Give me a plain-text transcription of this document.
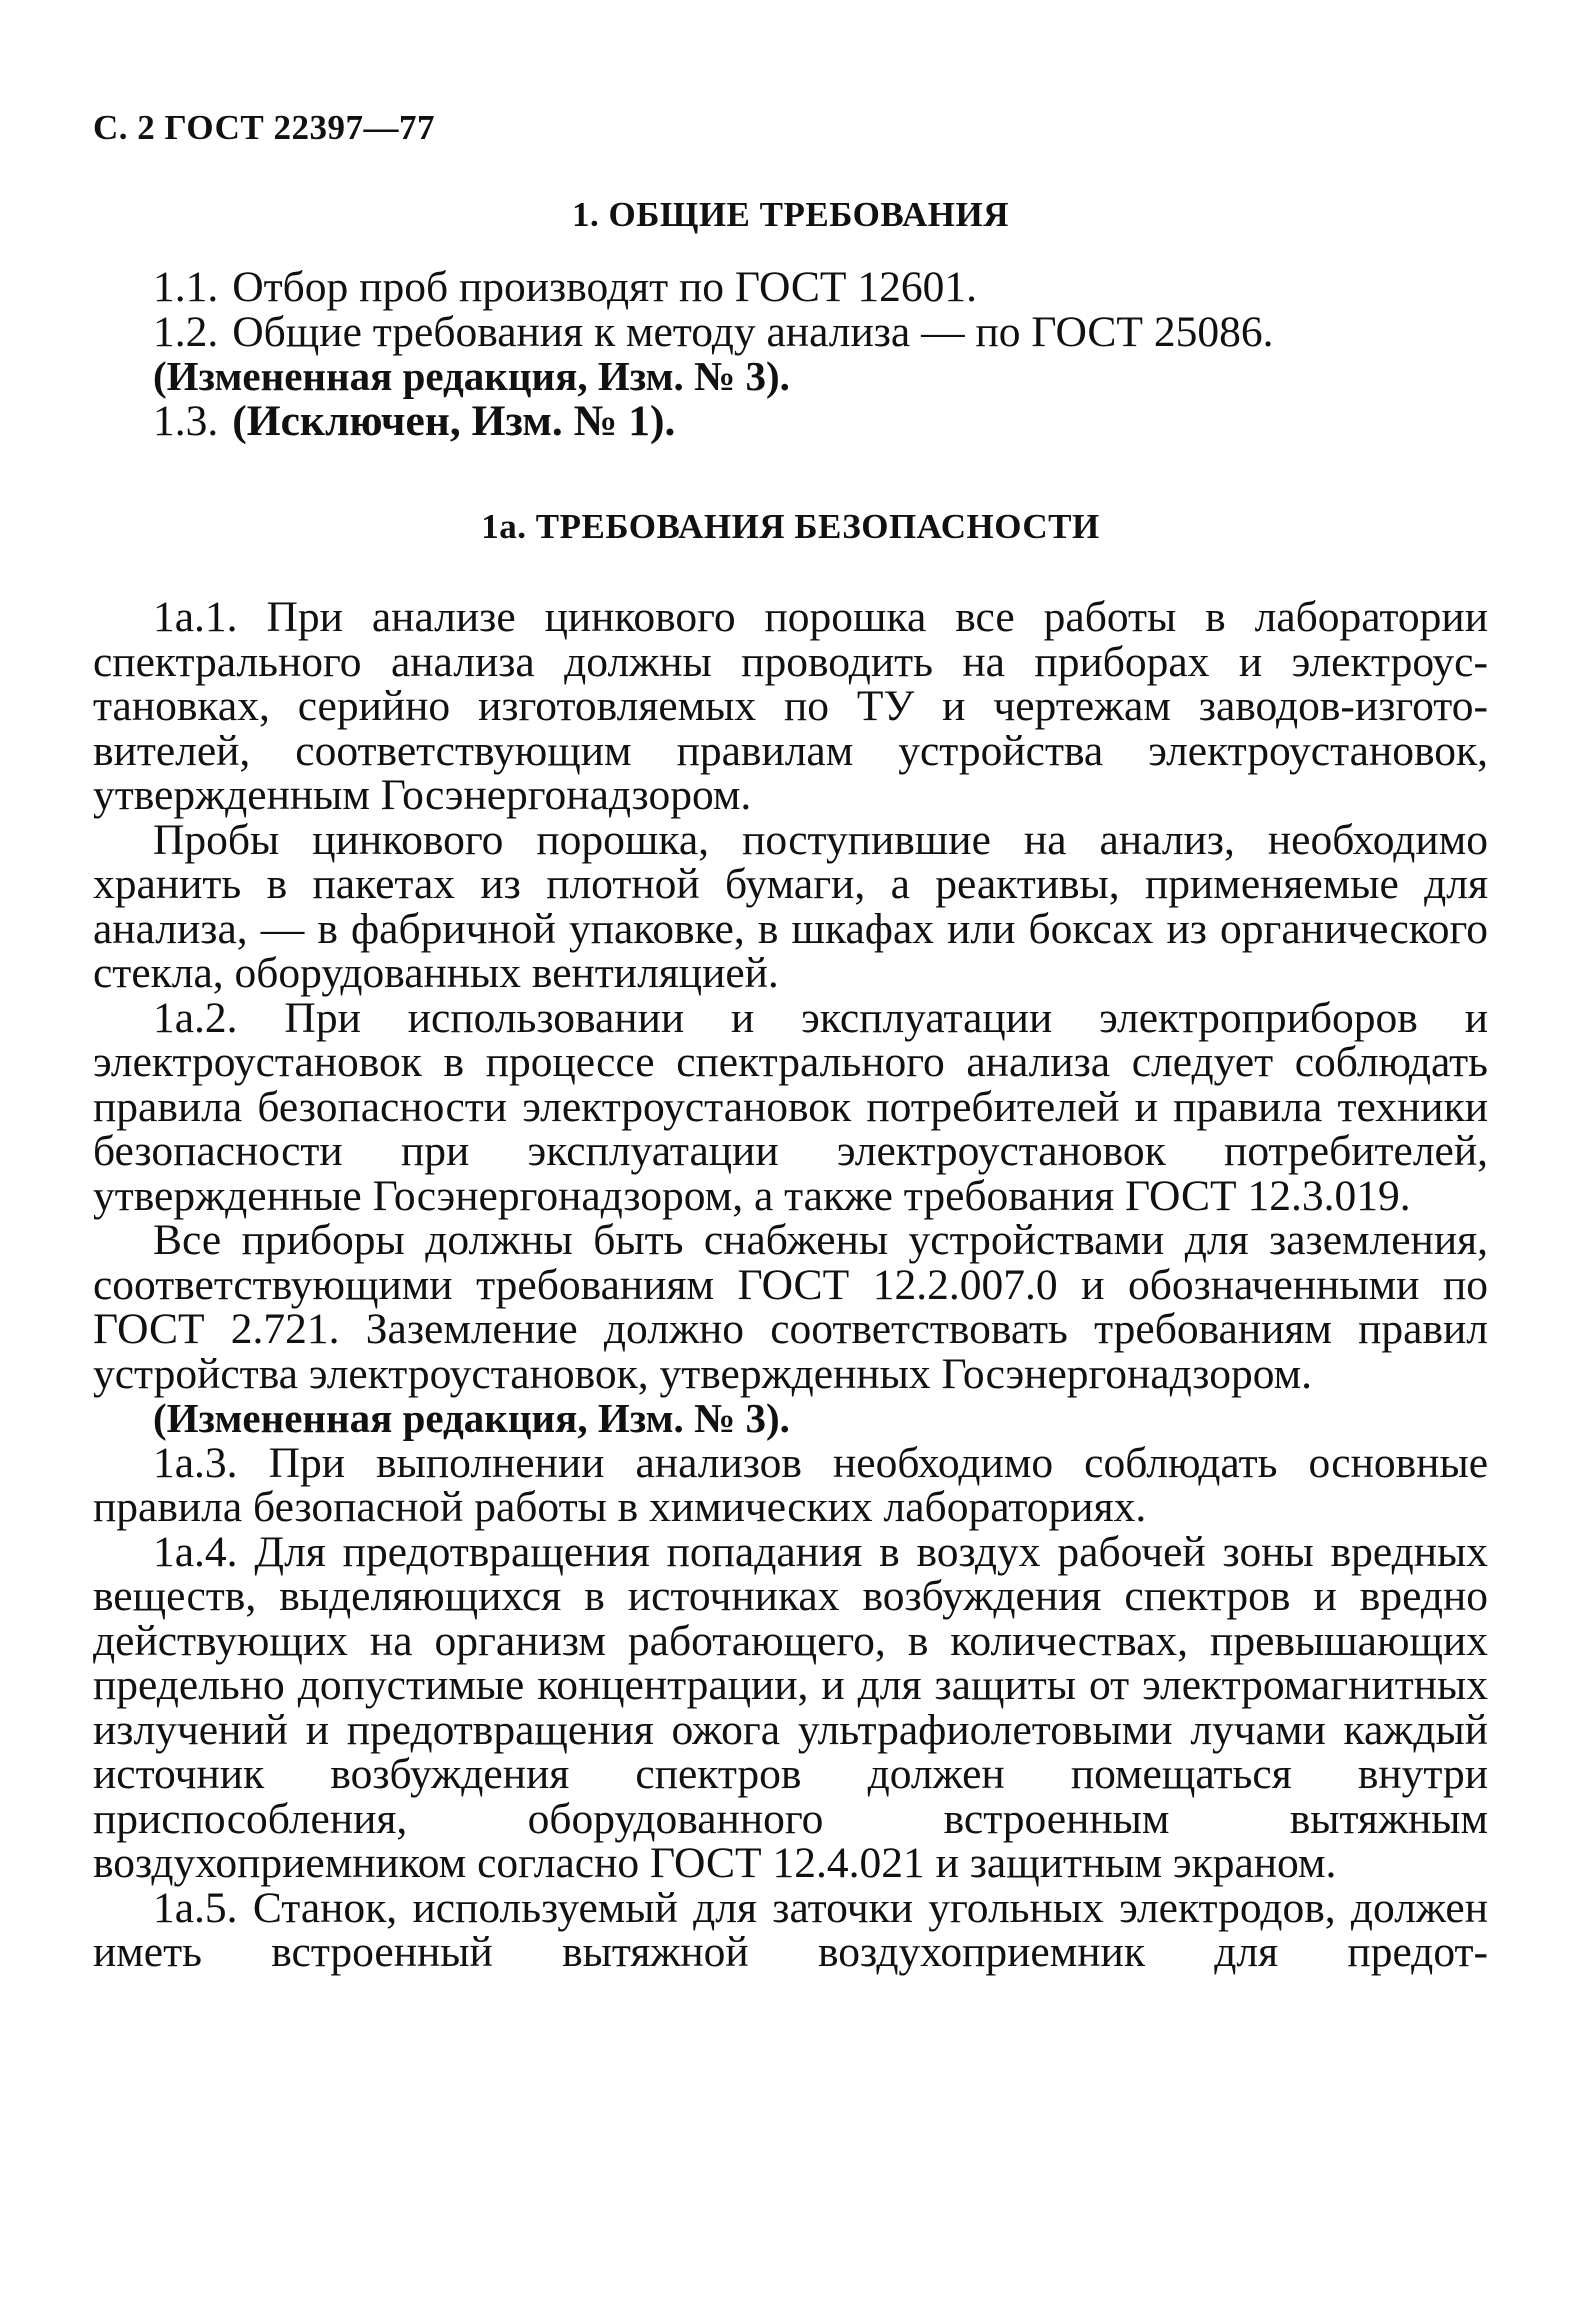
С. 2 ГОСТ 22397—77
1. ОБЩИЕ ТРЕБОВАНИЯ

1.1. Отбор проб производят по ГОСТ 12601.

1.2. Общие требования к методу анализа — по ГОСТ 25086.

(Измененная редакция, Изм. № 3).

1.3. (Исключен, Изм. № 1).

1а. ТРЕБОВАНИЯ БЕЗОПАСНОСТИ

1а.1. При анализе цинкового порошка все работы в лаборатории спектрального анализа должны проводить на приборах и электроустановках, серийно изготовляемых по ТУ и чертежам заводов-изготовителей, соответствующим правилам устройства электроустановок, утвержденным Госэнергонадзором.

Пробы цинкового порошка, поступившие на анализ, необходимо хранить в пакетах из плотной бумаги, а реактивы, применяемые для анализа, — в фабричной упаковке, в шкафах или боксах из органического стекла, оборудованных вентиляцией.

1а.2. При использовании и эксплуатации электроприборов и электроустановок в процессе спектрального анализа следует соблюдать правила безопасности электроустановок потребителей и правила техники безопасности при эксплуатации электроустановок потребителей, утвержденные Госэнергонадзором, а также требования ГОСТ 12.3.019.

Все приборы должны быть снабжены устройствами для заземления, соответствующими требованиям ГОСТ 12.2.007.0 и обозначенными по ГОСТ 2.721. Заземление должно соответствовать требованиям правил устройства электроустановок, утвержденных Госэнергонадзором.

(Измененная редакция, Изм. № 3).

1а.3. При выполнении анализов необходимо соблюдать основные правила безопасной работы в химических лабораториях.

1а.4. Для предотвращения попадания в воздух рабочей зоны вредных веществ, выделяющихся в источниках возбуждения спектров и вредно действующих на организм работающего, в количествах, превышающих предельно допустимые концентрации, и для защиты от электромагнитных излучений и предотвращения ожога ультрафиолетовыми лучами каждый источник возбуждения спектров должен помещаться внутри приспособления, оборудованного встроенным вытяжным воздухоприемником согласно ГОСТ 12.4.021 и защитным экраном.

1а.5. Станок, используемый для заточки угольных электродов, должен иметь встроенный вытяжной воздухоприемник для предот-
